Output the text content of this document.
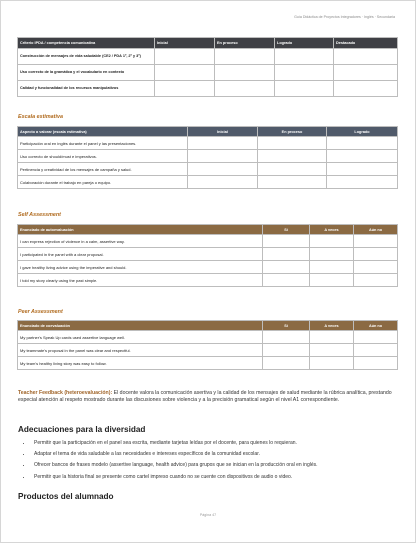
Guía Didáctica de Proyectos Integradores · Inglés · Secundaria
Criterio IPDA / competencia comunicativa	Inicial	En proceso	Logrado	Destacado
Construcción de mensajes de vida saludable (CE2 / PDA 1º, 2º y 3º)				
Uso correcto de la gramática y el vocabulario en contexto				
Calidad y funcionalidad de los recursos manipulativos				
Escala estimativa
Aspecto a valorar (escala estimativa)	Inicial	En proceso	Logrado
Participación oral en inglés durante el panel y las presentaciones.			
Uso correcto de should/must e imperativos.			
Pertinencia y creatividad de los mensajes de campaña y salud.			
Colaboración durante el trabajo en pareja o equipo.			
Self Assessment
Enunciado de autoevaluación	Sí	A veces	Aún no
I can express rejection of violence in a calm, assertive way.			
I participated in the panel with a clear proposal.			
I gave healthy living advice using the imperative and should.			
I told my story clearly using the past simple.			
Peer Assessment
Enunciado de coevaluación	Sí	A veces	Aún no
My partner's Speak Up cards used assertive language well.			
My teammate's proposal in the panel was clear and respectful.			
My team's healthy living story was easy to follow.			
Teacher Feedback (heteroevaluación): El docente valora la comunicación asertiva y la calidad de los mensajes de salud mediante la rúbrica analítica, prestando especial atención al respeto mostrado durante las discusiones sobre violencia y a la precisión gramatical según el nivel A1 correspondiente.
Adecuaciones para la diversidad
• Permitir que la participación en el panel sea escrita, mediante tarjetas leídas por el docente, para quienes lo requieran.
• Adaptar el tema de vida saludable a las necesidades e intereses específicos de la comunidad escolar.
• Ofrecer bancos de frases modelo (assertive language, health advice) para grupos que se inician en la producción oral en inglés.
• Permitir que la historia final se presente como cartel impreso cuando no se cuente con dispositivos de audio o video.
Productos del alumnado
Página 47
